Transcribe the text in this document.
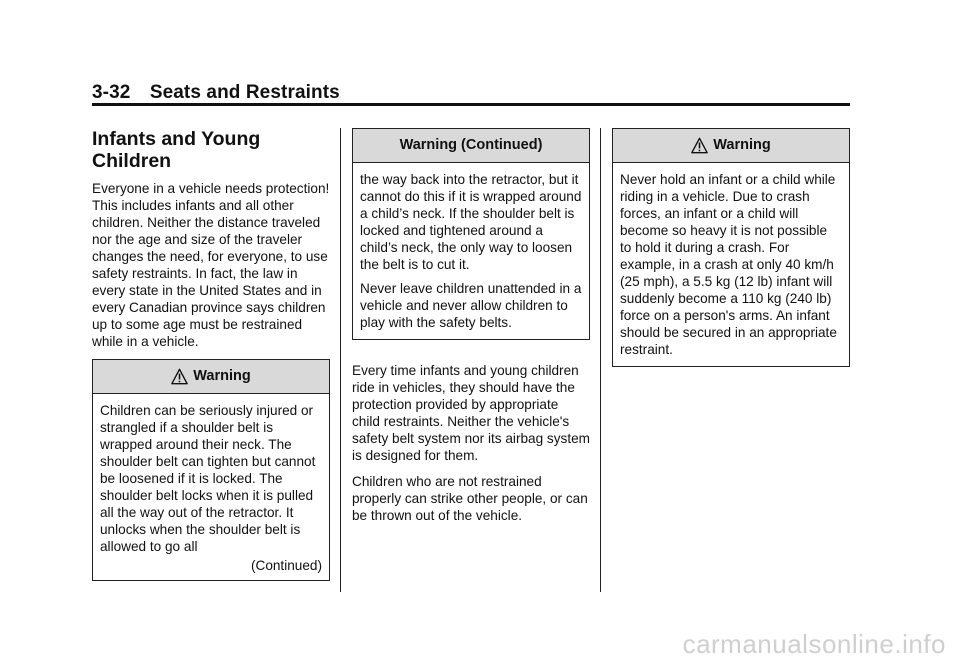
3-32 Seats and Restraints
Infants and Young Children

Everyone in a vehicle needs protection! This includes infants and all other children. Neither the distance traveled nor the age and size of the traveler changes the need, for everyone, to use safety restraints. In fact, the law in every state in the United States and in every Canadian province says children up to some age must be restrained while in a vehicle.

Warning

Children can be seriously injured or strangled if a shoulder belt is wrapped around their neck. The shoulder belt can tighten but cannot be loosened if it is locked. The shoulder belt locks when it is pulled all the way out of the retractor. It unlocks when the shoulder belt is allowed to go all

(Continued)
Warning (Continued)

the way back into the retractor, but it cannot do this if it is wrapped around a child’s neck. If the shoulder belt is locked and tightened around a child’s neck, the only way to loosen the belt is to cut it.

Never leave children unattended in a vehicle and never allow children to play with the safety belts.

Every time infants and young children ride in vehicles, they should have the protection provided by appropriate child restraints. Neither the vehicle's safety belt system nor its airbag system is designed for them.

Children who are not restrained properly can strike other people, or can be thrown out of the vehicle.

Warning

Never hold an infant or a child while riding in a vehicle. Due to crash forces, an infant or a child will become so heavy it is not possible to hold it during a crash. For example, in a crash at only 40 km/h (25 mph), a 5.5 kg (12 lb) infant will suddenly become a 110 kg (240 lb) force on a person's arms. An infant should be secured in an appropriate restraint.

carmanualsonline.info
